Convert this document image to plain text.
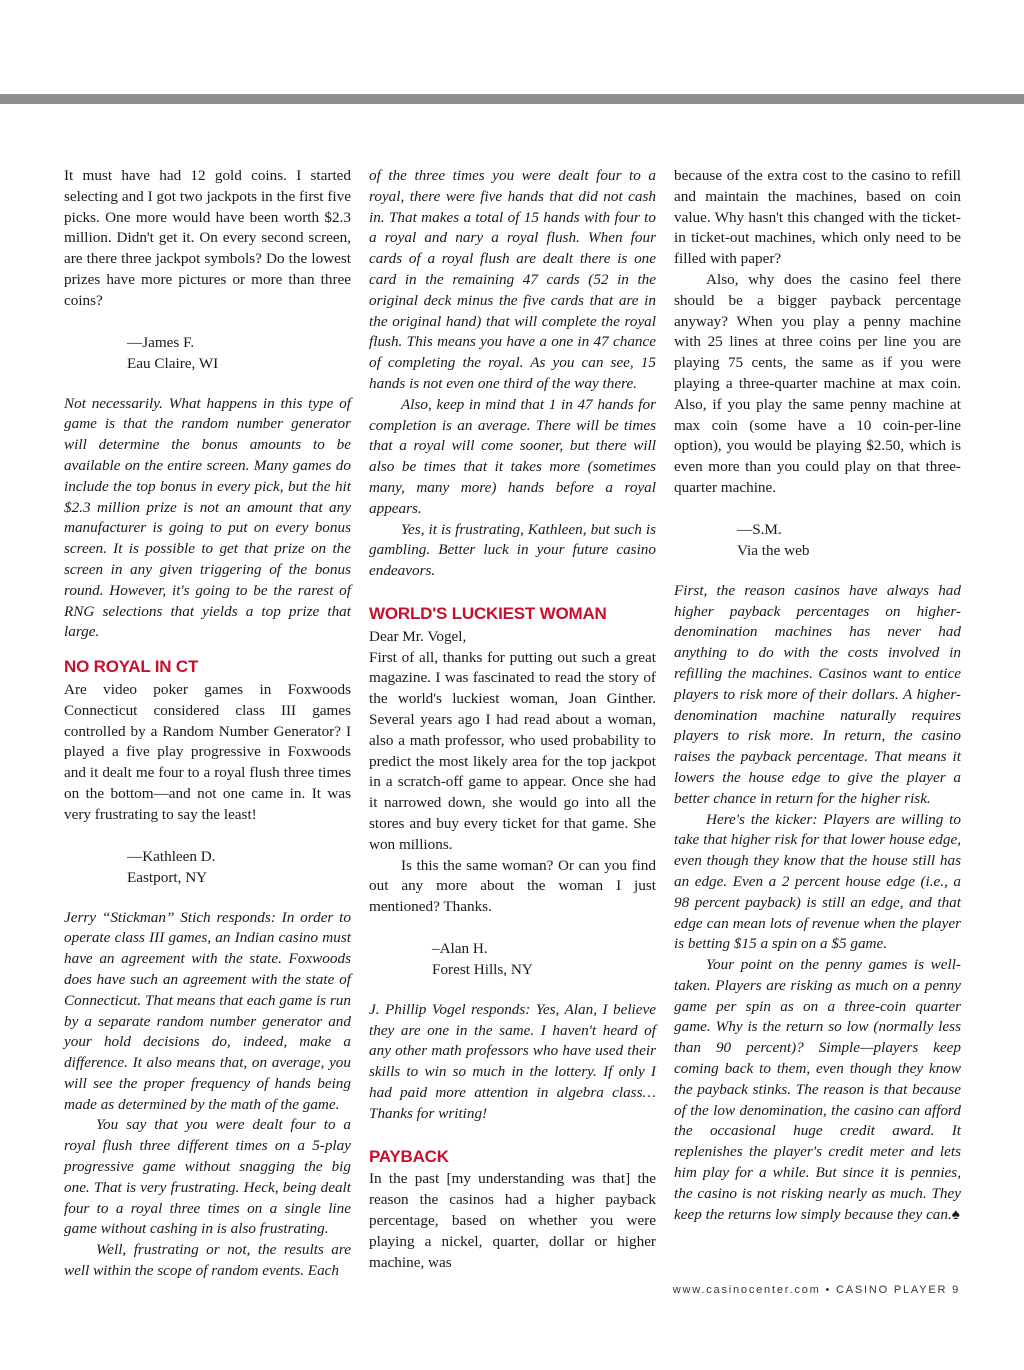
It must have had 12 gold coins. I started selecting and I got two jackpots in the first five picks. One more would have been worth $2.3 million. Didn't get it. On every second screen, are there three jackpot symbols? Do the lowest prizes have more pictures or more than three coins?

—James F.
Eau Claire, WI

Not necessarily. What happens in this type of game is that the random number generator will determine the bonus amounts to be available on the entire screen. Many games do include the top bonus in every pick, but the hit $2.3 million prize is not an amount that any manufacturer is going to put on every bonus screen. It is possible to get that prize on the screen in any given triggering of the bonus round. However, it's going to be the rarest of RNG selections that yields a top prize that large.

NO ROYAL IN CT

Are video poker games in Foxwoods Connecticut considered class III games controlled by a Random Number Generator? I played a five play progressive in Foxwoods and it dealt me four to a royal flush three times on the bottom—and not one came in. It was very frustrating to say the least!

—Kathleen D.
Eastport, NY

Jerry “Stickman” Stich responds: In order to operate class III games, an Indian casino must have an agreement with the state. Foxwoods does have such an agreement with the state of Connecticut. That means that each game is run by a separate random number generator and your hold decisions do, indeed, make a difference. It also means that, on average, you will see the proper frequency of hands being made as determined by the math of the game.

You say that you were dealt four to a royal flush three different times on a 5-play progressive game without snagging the big one. That is very frustrating. Heck, being dealt four to a royal three times on a single line game without cashing in is also frustrating.

Well, frustrating or not, the results are well within the scope of random events. Each

of the three times you were dealt four to a royal, there were five hands that did not cash in. That makes a total of 15 hands with four to a royal and nary a royal flush. When four cards of a royal flush are dealt there is one card in the remaining 47 cards (52 in the original deck minus the five cards that are in the original hand) that will complete the royal flush. This means you have a one in 47 chance of completing the royal. As you can see, 15 hands is not even one third of the way there.

Also, keep in mind that 1 in 47 hands for completion is an average. There will be times that a royal will come sooner, but there will also be times that it takes more (sometimes many, many more) hands before a royal appears.

Yes, it is frustrating, Kathleen, but such is gambling. Better luck in your future casino endeavors.

WORLD'S LUCKIEST WOMAN

Dear Mr. Vogel,

First of all, thanks for putting out such a great magazine. I was fascinated to read the story of the world's luckiest woman, Joan Ginther. Several years ago I had read about a woman, also a math professor, who used probability to predict the most likely area for the top jackpot in a scratch-off game to appear. Once she had it narrowed down, she would go into all the stores and buy every ticket for that game. She won millions.

Is this the same woman? Or can you find out any more about the woman I just mentioned? Thanks.

–Alan H.
Forest Hills, NY

J. Phillip Vogel responds: Yes, Alan, I believe they are one in the same. I haven't heard of any other math professors who have used their skills to win so much in the lottery. If only I had paid more attention in algebra class… Thanks for writing!

PAYBACK

In the past [my understanding was that] the reason the casinos had a higher payback percentage, based on whether you were playing a nickel, quarter, dollar or higher machine, was

because of the extra cost to the casino to refill and maintain the machines, based on coin value. Why hasn't this changed with the ticket-in ticket-out machines, which only need to be filled with paper?

Also, why does the casino feel there should be a bigger payback percentage anyway? When you play a penny machine with 25 lines at three coins per line you are playing 75 cents, the same as if you were playing a three-quarter machine at max coin. Also, if you play the same penny machine at max coin (some have a 10 coin-per-line option), you would be playing $2.50, which is even more than you could play on that three-quarter machine.

—S.M.
Via the web

First, the reason casinos have always had higher payback percentages on higher-denomination machines has never had anything to do with the costs involved in refilling the machines. Casinos want to entice players to risk more of their dollars. A higher-denomination machine naturally requires players to risk more. In return, the casino raises the payback percentage. That means it lowers the house edge to give the player a better chance in return for the higher risk.

Here's the kicker: Players are willing to take that higher risk for that lower house edge, even though they know that the house still has an edge. Even a 2 percent house edge (i.e., a 98 percent payback) is still an edge, and that edge can mean lots of revenue when the player is betting $15 a spin on a $5 game.

Your point on the penny games is well-taken. Players are risking as much on a penny game per spin as on a three-coin quarter game. Why is the return so low (normally less than 90 percent)? Simple—players keep coming back to them, even though they know the payback stinks. The reason is that because of the low denomination, the casino can afford the occasional huge credit award. It replenishes the player's credit meter and lets him play for a while. But since it is pennies, the casino is not risking nearly as much. They keep the returns low simply because they can.♠

www.casinocenter.com • CASINO PLAYER 9
